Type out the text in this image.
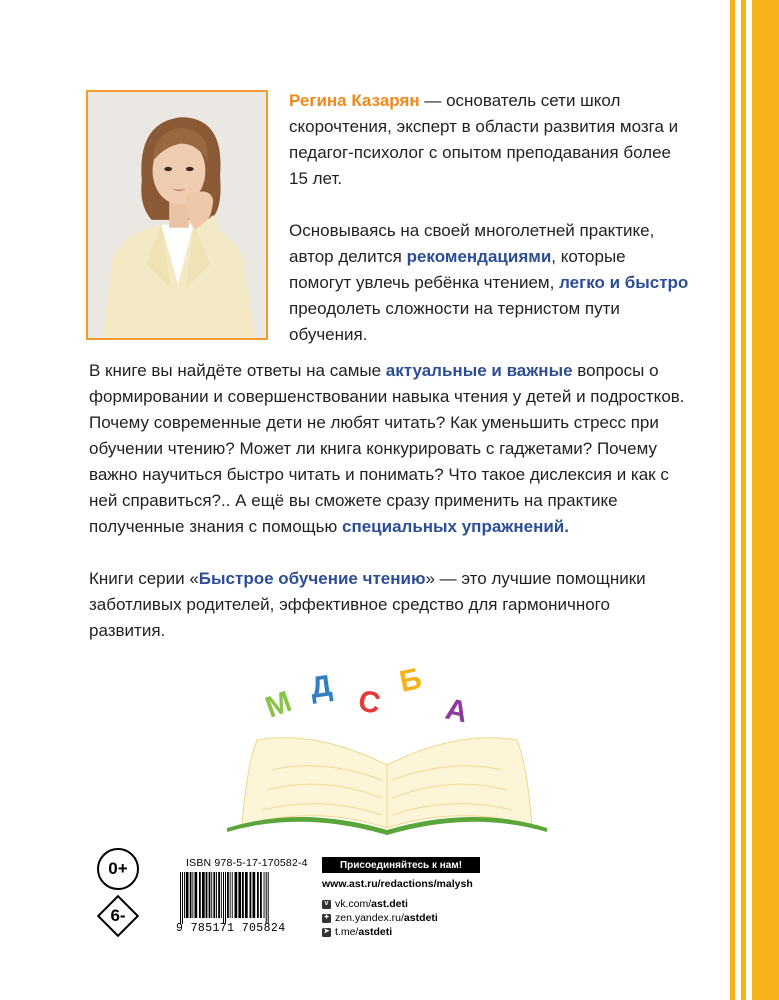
Регина Казарян — основатель сети школ скорочтения, эксперт в области развития мозга и педагог-психолог с опытом преподавания более 15 лет.

Основываясь на своей многолетней практике, автор делится рекомендациями, которые помогут увлечь ребёнка чтением, легко и быстро преодолеть сложности на тернистом пути обучения.

В книге вы найдёте ответы на самые актуальные и важные вопросы о формировании и совершенствовании навыка чтения у детей и подростков. Почему современные дети не любят читать? Как уменьшить стресс при обучении чтению? Может ли книга конкурировать с гаджетами? Почему важно научиться быстро читать и понимать? Что такое дислексия и как с ней справиться?.. А ещё вы сможете сразу применить на практике полученные знания с помощью специальных упражнений.

Книги серии «Быстрое обучение чтению» — это лучшие помощники заботливых родителей, эффективное средство для гармоничного развития.

М Д С
Б
А
0+
6-
ISBN 978-5-17-170582-4
9 785171 705824
Присоединяйтесь к нам!
www.ast.ru/redactions/malysh
v vk.com/ast.deti
✦ zen.yandex.ru/astdeti
➤ t.me/astdeti
